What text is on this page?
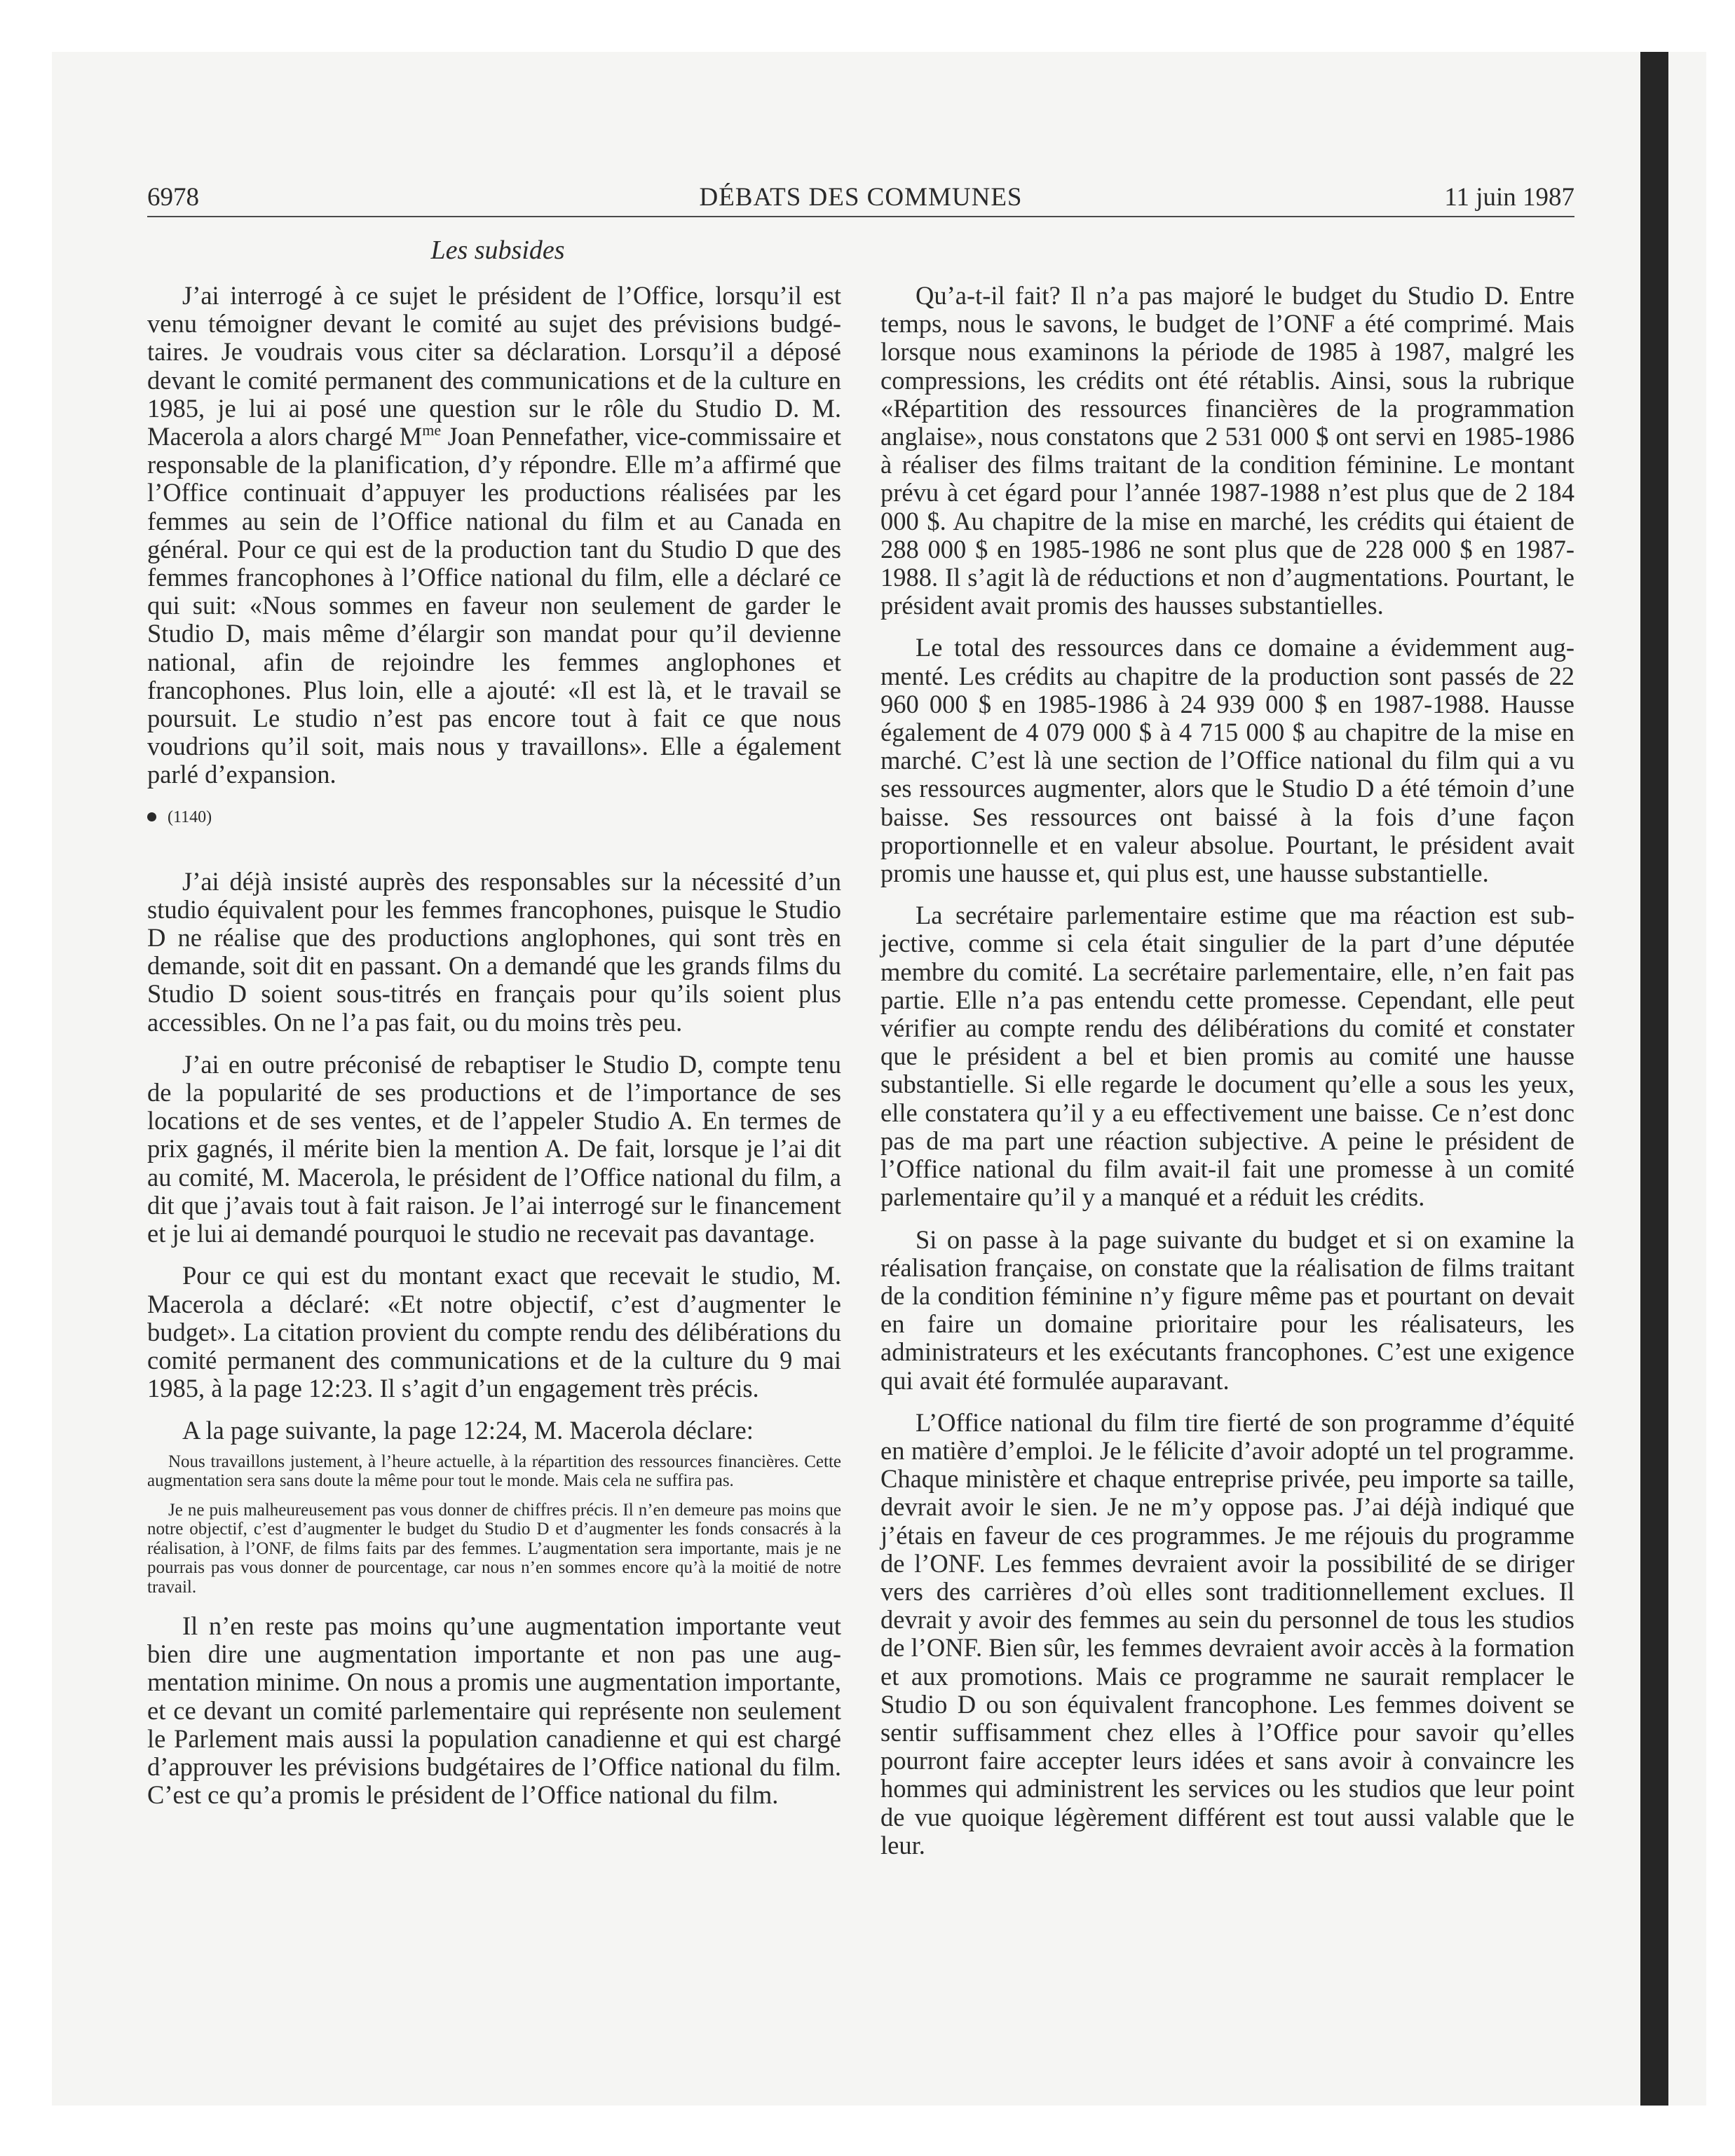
6978	DÉBATS DES COMMUNES	11 juin 1987
Les subsides

J’ai interrogé à ce sujet le président de l’Office, lorsqu’il est venu témoigner devant le comité au sujet des prévisions budgétaires. Je voudrais vous citer sa déclaration. Lorsqu’il a déposé devant le comité permanent des communications et de la culture en 1985, je lui ai posé une question sur le rôle du Studio D. M. Macerola a alors chargé $M^{me}$ Joan Pennefather, vice-commissaire et responsable de la planification, d’y répondre. Elle m’a affirmé que l’Office continuait d’appuyer les productions réalisées par les femmes au sein de l’Office national du film et au Canada en général. Pour ce qui est de la production tant du Studio D que des femmes francophones à l’Office national du film, elle a déclaré ce qui suit: «Nous sommes en faveur non seulement de garder le Studio D, mais même d’élargir son mandat pour qu’il devienne national, afin de rejoindre les femmes anglophones et francophones. Plus loin, elle a ajouté: «Il est là, et le travail se poursuit. Le studio n’est pas encore tout à fait ce que nous voudrions qu’il soit, mais nous y travaillons». Elle a également parlé d’expansion.

(1140)

J’ai déjà insisté auprès des responsables sur la nécessité d’un studio équivalent pour les femmes francophones, puisque le Studio D ne réalise que des productions anglophones, qui sont très en demande, soit dit en passant. On a demandé que les grands films du Studio D soient sous-titrés en français pour qu’ils soient plus accessibles. On ne l’a pas fait, ou du moins très peu.

J’ai en outre préconisé de rebaptiser le Studio D, compte tenu de la popularité de ses productions et de l’importance de ses locations et de ses ventes, et de l’appeler Studio A. En termes de prix gagnés, il mérite bien la mention A. De fait, lorsque je l’ai dit au comité, M. Macerola, le président de l’Office national du film, a dit que j’avais tout à fait raison. Je l’ai interrogé sur le financement et je lui ai demandé pourquoi le studio ne recevait pas davantage.

Pour ce qui est du montant exact que recevait le studio, M. Macerola a déclaré: «Et notre objectif, c’est d’augmenter le budget». La citation provient du compte rendu des délibérations du comité permanent des communications et de la culture du 9 mai 1985, à la page 12:23. Il s’agit d’un engagement très précis.

A la page suivante, la page 12:24, M. Macerola déclare:

Nous travaillons justement, à l’heure actuelle, à la répartition des ressources financières. Cette augmentation sera sans doute la même pour tout le monde. Mais cela ne suffira pas.

Je ne puis malheureusement pas vous donner de chiffres précis. Il n’en demeure pas moins que notre objectif, c’est d’augmenter le budget du Studio D et d’augmenter les fonds consacrés à la réalisation, à l’ONF, de films faits par des femmes. L’augmentation sera importante, mais je ne pourrais pas vous donner de pourcentage, car nous n’en sommes encore qu’à la moitié de notre travail.

Il n’en reste pas moins qu’une augmentation importante veut bien dire une augmentation importante et non pas une augmentation minime. On nous a promis une augmentation importante, et ce devant un comité parlementaire qui représente non seulement le Parlement mais aussi la population canadienne et qui est chargé d’approuver les prévisions budgétaires de l’Office national du film. C’est ce qu’a promis le président de l’Office national du film.

Qu’a-t-il fait? Il n’a pas majoré le budget du Studio D. Entre temps, nous le savons, le budget de l’ONF a été comprimé. Mais lorsque nous examinons la période de 1985 à 1987, malgré les compressions, les crédits ont été rétablis. Ainsi, sous la rubrique «Répartition des ressources financières de la programmation anglaise», nous constatons que 2 531 000 $ ont servi en 1985-1986 à réaliser des films traitant de la condition féminine. Le montant prévu à cet égard pour l’année 1987-1988 n’est plus que de 2 184 000 $. Au chapitre de la mise en marché, les crédits qui étaient de 288 000 $ en 1985-1986 ne sont plus que de 228 000 $ en 1987-1988. Il s’agit là de réductions et non d’augmentations. Pourtant, le président avait promis des hausses substantielles.

Le total des ressources dans ce domaine a évidemment augmenté. Les crédits au chapitre de la production sont passés de 22 960 000 $ en 1985-1986 à 24 939 000 $ en 1987-1988. Hausse également de 4 079 000 $ à 4 715 000 $ au chapitre de la mise en marché. C’est là une section de l’Office national du film qui a vu ses ressources augmenter, alors que le Studio D a été témoin d’une baisse. Ses ressources ont baissé à la fois d’une façon proportionnelle et en valeur absolue. Pourtant, le président avait promis une hausse et, qui plus est, une hausse substantielle.

La secrétaire parlementaire estime que ma réaction est subjective, comme si cela était singulier de la part d’une députée membre du comité. La secrétaire parlementaire, elle, n’en fait pas partie. Elle n’a pas entendu cette promesse. Cependant, elle peut vérifier au compte rendu des délibérations du comité et constater que le président a bel et bien promis au comité une hausse substantielle. Si elle regarde le document qu’elle a sous les yeux, elle constatera qu’il y a eu effectivement une baisse. Ce n’est donc pas de ma part une réaction subjective. A peine le président de l’Office national du film avait-il fait une promesse à un comité parlementaire qu’il y a manqué et a réduit les crédits.

Si on passe à la page suivante du budget et si on examine la réalisation française, on constate que la réalisation de films traitant de la condition féminine n’y figure même pas et pourtant on devait en faire un domaine prioritaire pour les réalisateurs, les administrateurs et les exécutants francophones. C’est une exigence qui avait été formulée auparavant.

L’Office national du film tire fierté de son programme d’équité en matière d’emploi. Je le félicite d’avoir adopté un tel programme. Chaque ministère et chaque entreprise privée, peu importe sa taille, devrait avoir le sien. Je ne m’y oppose pas. J’ai déjà indiqué que j’étais en faveur de ces programmes. Je me réjouis du programme de l’ONF. Les femmes devraient avoir la possibilité de se diriger vers des carrières d’où elles sont traditionnellement exclues. Il devrait y avoir des femmes au sein du personnel de tous les studios de l’ONF. Bien sûr, les femmes devraient avoir accès à la formation et aux promotions. Mais ce programme ne saurait remplacer le Studio D ou son équivalent francophone. Les femmes doivent se sentir suffisamment chez elles à l’Office pour savoir qu’elles pourront faire accepter leurs idées et sans avoir à convaincre les hommes qui administrent les services ou les studios que leur point de vue quoique légèrement différent est tout aussi valable que le leur.
